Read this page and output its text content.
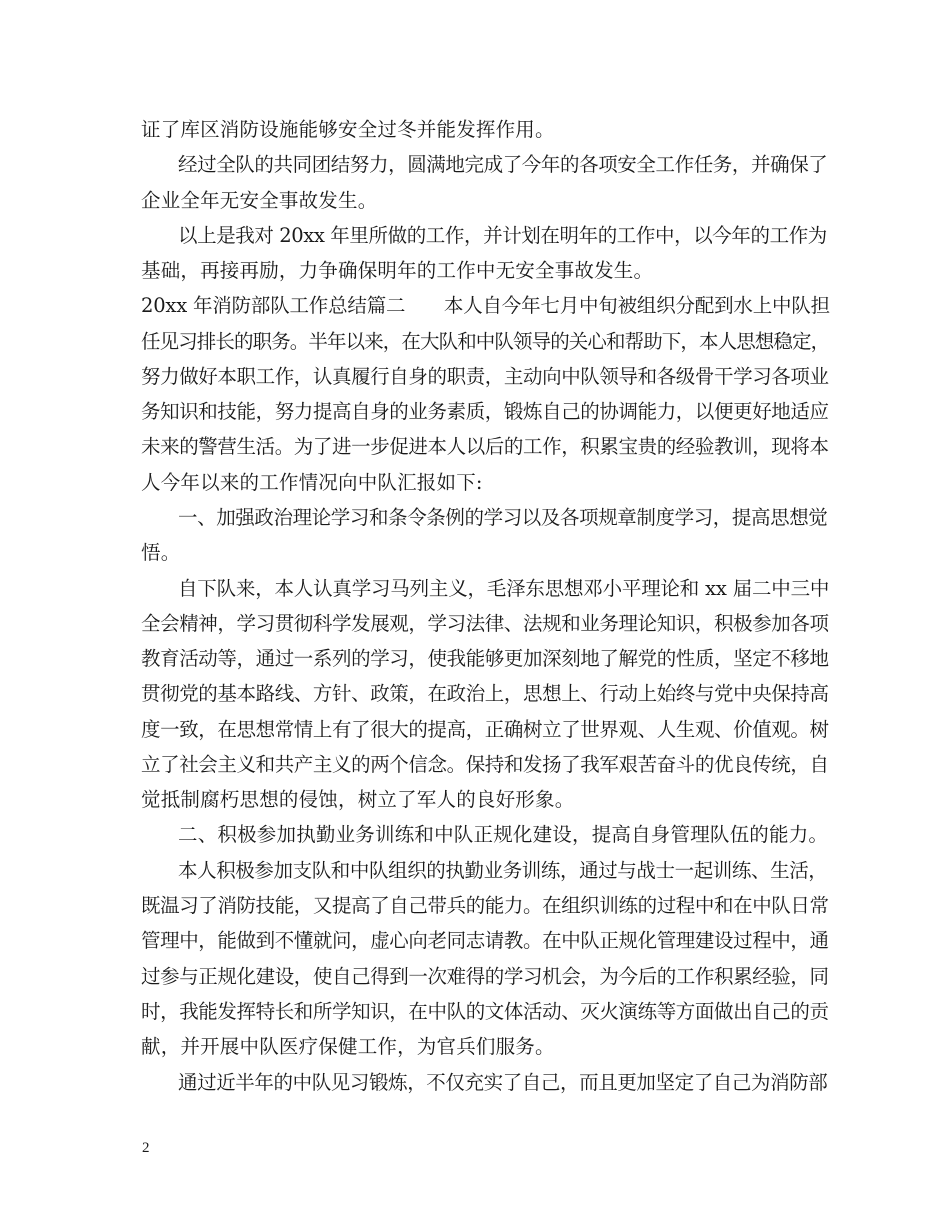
证了库区消防设施能够安全过冬并能发挥作用。
经过全队的共同团结努力，圆满地完成了今年的各项安全工作任务，并确保了
企业全年无安全事故发生。
以上是我对 20xx 年里所做的工作，并计划在明年的工作中，以今年的工作为
基础，再接再励，力争确保明年的工作中无安全事故发生。
20xx 年消防部队工作总结篇二　　本人自今年七月中旬被组织分配到水上中队担
任见习排长的职务。半年以来，在大队和中队领导的关心和帮助下，本人思想稳定，
努力做好本职工作，认真履行自身的职责，主动向中队领导和各级骨干学习各项业
务知识和技能，努力提高自身的业务素质，锻炼自己的协调能力，以便更好地适应
未来的警营生活。为了进一步促进本人以后的工作，积累宝贵的经验教训，现将本
人今年以来的工作情况向中队汇报如下:
一、加强政治理论学习和条令条例的学习以及各项规章制度学习，提高思想觉
悟。
自下队来，本人认真学习马列主义，毛泽东思想邓小平理论和 xx 届二中三中
全会精神，学习贯彻科学发展观，学习法律、法规和业务理论知识，积极参加各项
教育活动等，通过一系列的学习，使我能够更加深刻地了解党的性质，坚定不移地
贯彻党的基本路线、方针、政策，在政治上，思想上、行动上始终与党中央保持高
度一致，在思想常情上有了很大的提高，正确树立了世界观、人生观、价值观。树
立了社会主义和共产主义的两个信念。保持和发扬了我军艰苦奋斗的优良传统，自
觉抵制腐朽思想的侵蚀，树立了军人的良好形象。
二、积极参加执勤业务训练和中队正规化建设，提高自身管理队伍的能力。
本人积极参加支队和中队组织的执勤业务训练，通过与战士一起训练、生活，
既温习了消防技能，又提高了自己带兵的能力。在组织训练的过程中和在中队日常
管理中，能做到不懂就问，虚心向老同志请教。在中队正规化管理建设过程中，通
过参与正规化建设，使自己得到一次难得的学习机会，为今后的工作积累经验，同
时，我能发挥特长和所学知识，在中队的文体活动、灭火演练等方面做出自己的贡
献，并开展中队医疗保健工作，为官兵们服务。
通过近半年的中队见习锻炼，不仅充实了自己，而且更加坚定了自己为消防部
2
